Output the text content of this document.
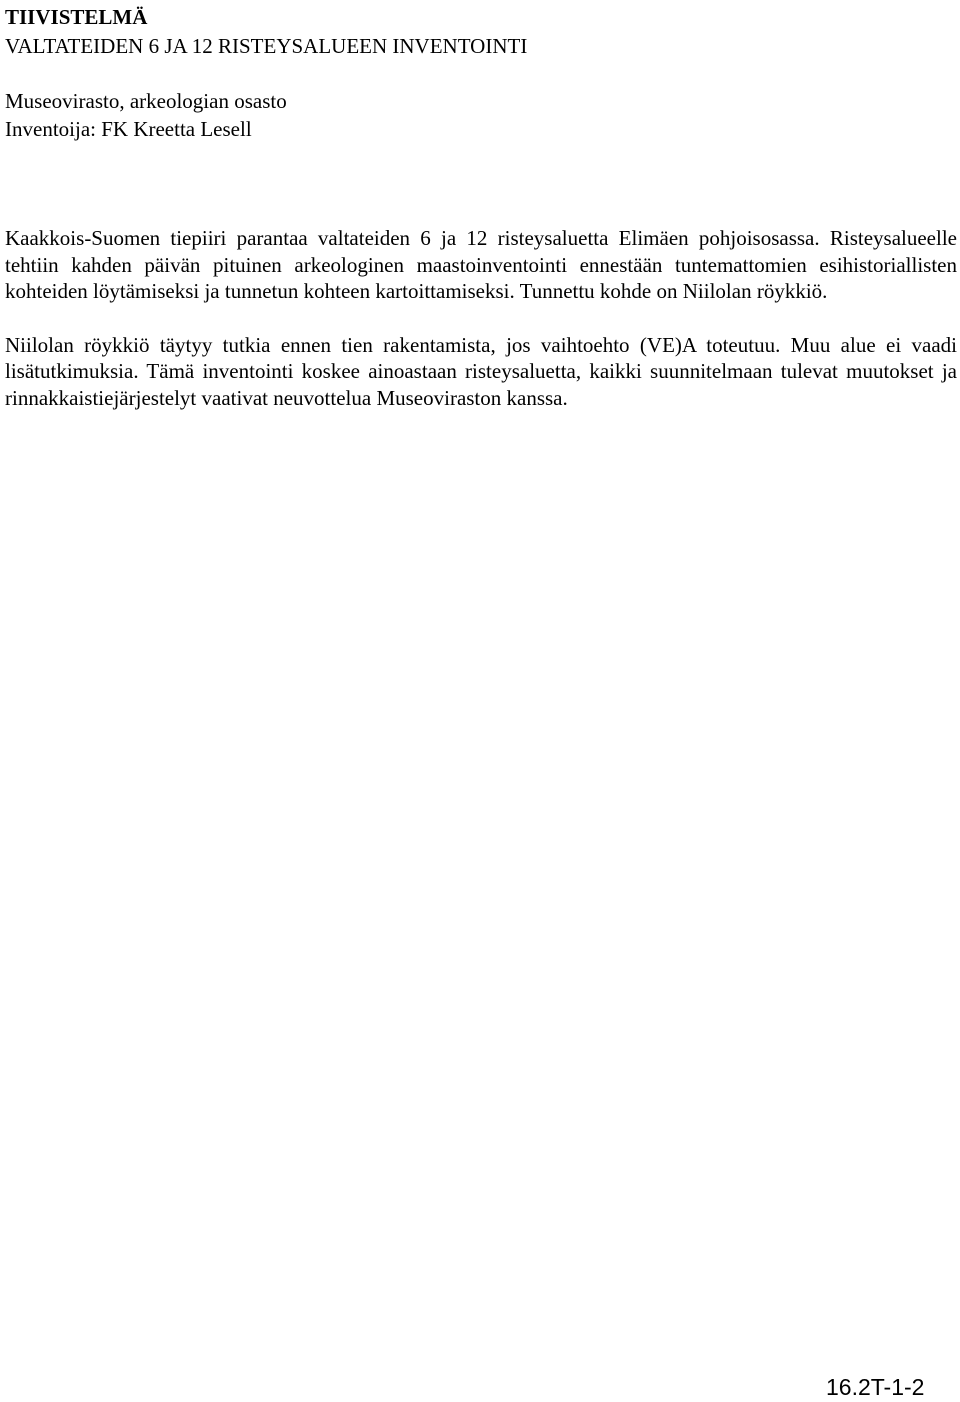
TIIVISTELMÄ
VALTATEIDEN 6 JA 12 RISTEYSALUEEN INVENTOINTI
Museovirasto, arkeologian osasto
Inventoija: FK Kreetta Lesell

Kaakkois-Suomen tiepiiri parantaa valtateiden 6 ja 12 risteysaluetta Elimäen pohjoisosassa. Risteysalueelle tehtiin kahden päivän pituinen arkeologinen maastoinventointi ennestään tuntemattomien esihistoriallisten kohteiden löytämiseksi ja tunnetun kohteen kartoittamiseksi. Tunnettu kohde on Niilolan röykkiö.

Niilolan röykkiö täytyy tutkia ennen tien rakentamista, jos vaihtoehto (VE)A toteutuu. Muu alue ei vaadi lisätutkimuksia. Tämä inventointi koskee ainoastaan risteysaluetta, kaikki suunnitelmaan tulevat muutokset ja rinnakkaistiejärjestelyt vaativat neuvottelua Museoviraston kanssa.

16.2T-1-2
